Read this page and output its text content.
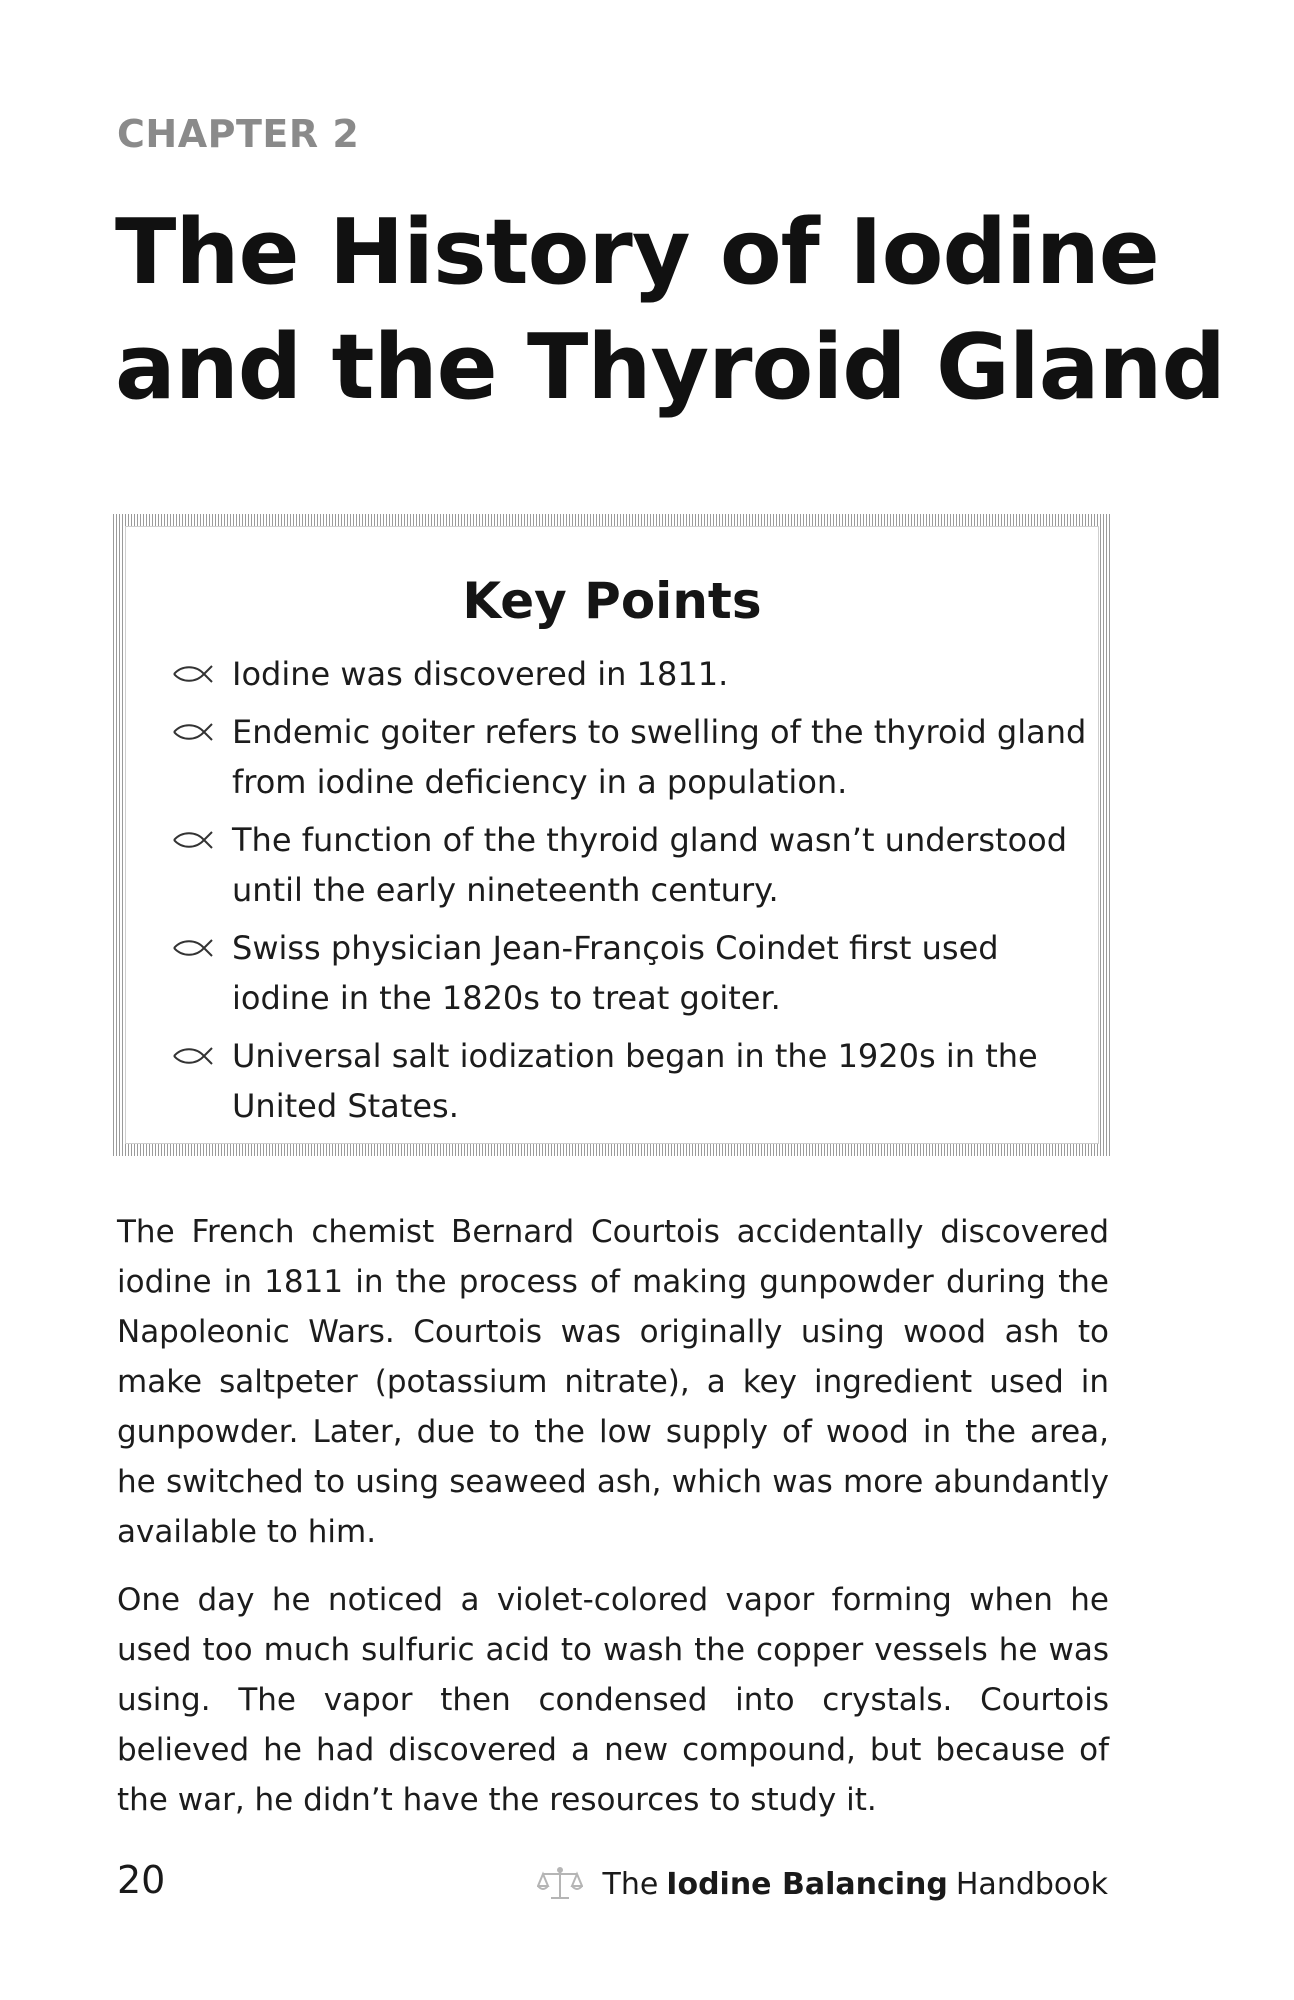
CHAPTER 2
The History of Iodine
and the Thyroid Gland
Key Points
Iodine was discovered in 1811.
Endemic goiter refers to swelling of the thyroid gland from iodine deficiency in a population.
The function of the thyroid gland wasn’t understood until the early nineteenth century.
Swiss physician Jean-François Coindet first used iodine in the 1820s to treat goiter.
Universal salt iodization began in the 1920s in the United States.

The French chemist Bernard Courtois accidentally discovered iodine in 1811 in the process of making gunpowder during the Napoleonic Wars. Courtois was originally using wood ash to make saltpeter (potassium nitrate), a key ingredient used in gunpowder. Later, due to the low supply of wood in the area, he switched to using seaweed ash, which was more abundantly available to him.

One day he noticed a violet-colored vapor forming when he used too much sulfuric acid to wash the copper vessels he was using. The vapor then condensed into crystals. Courtois believed he had discovered a new compound, but because of the war, he didn’t have the resources to study it.

20	The Iodine Balancing Handbook
